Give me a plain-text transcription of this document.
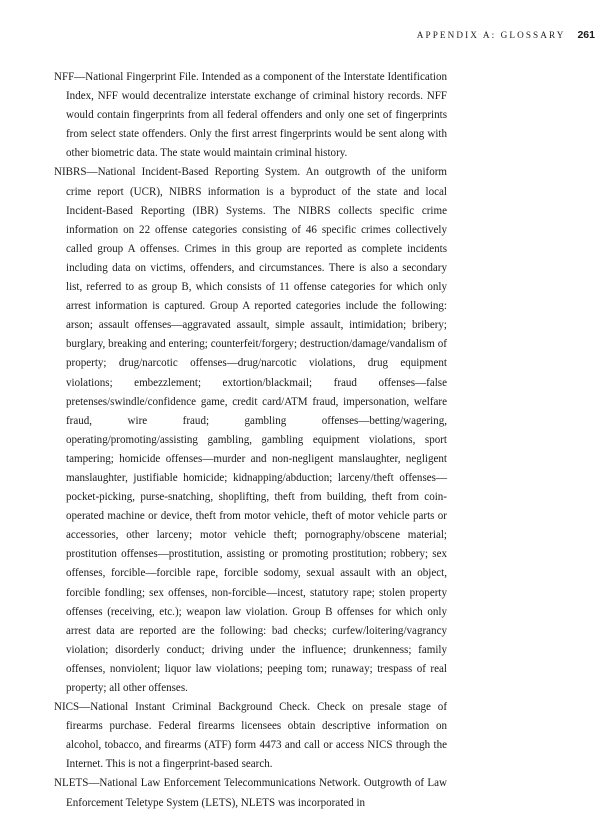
APPENDIX A: GLOSSARY 261

NFF—National Fingerprint File. Intended as a component of the Interstate Identification Index, NFF would decentralize interstate exchange of criminal history records. NFF would contain fingerprints from all federal offenders and only one set of fingerprints from select state offenders. Only the first arrest fingerprints would be sent along with other biometric data. The state would maintain criminal history.

NIBRS—National Incident-Based Reporting System. An outgrowth of the uniform crime report (UCR), NIBRS information is a byproduct of the state and local Incident-Based Reporting (IBR) Systems. The NIBRS collects specific crime information on 22 offense categories consisting of 46 specific crimes collectively called group A offenses. Crimes in this group are reported as complete incidents including data on victims, offenders, and circumstances. There is also a secondary list, referred to as group B, which consists of 11 offense categories for which only arrest information is captured. Group A reported categories include the following: arson; assault offenses—aggravated assault, simple assault, intimidation; bribery; burglary, breaking and entering; counterfeit/forgery; destruction/damage/vandalism of property; drug/narcotic offenses—drug/narcotic violations, drug equipment violations; embezzlement; extortion/blackmail; fraud offenses—false pretenses/swindle/confidence game, credit card/ATM fraud, impersonation, welfare fraud, wire fraud; gambling offenses—betting/wagering, operating/promoting/assisting gambling, gambling equipment violations, sport tampering; homicide offenses—murder and non-negligent manslaughter, negligent manslaughter, justifiable homicide; kidnapping/abduction; larceny/theft offenses—pocket-picking, purse-snatching, shoplifting, theft from building, theft from coin-operated machine or device, theft from motor vehicle, theft of motor vehicle parts or accessories, other larceny; motor vehicle theft; pornography/obscene material; prostitution offenses—prostitution, assisting or promoting prostitution; robbery; sex offenses, forcible—forcible rape, forcible sodomy, sexual assault with an object, forcible fondling; sex offenses, non-forcible—incest, statutory rape; stolen property offenses (receiving, etc.); weapon law violation. Group B offenses for which only arrest data are reported are the following: bad checks; curfew/loitering/vagrancy violation; disorderly conduct; driving under the influence; drunkenness; family offenses, nonviolent; liquor law violations; peeping tom; runaway; trespass of real property; all other offenses.

NICS—National Instant Criminal Background Check. Check on presale stage of firearms purchase. Federal firearms licensees obtain descriptive information on alcohol, tobacco, and firearms (ATF) form 4473 and call or access NICS through the Internet. This is not a fingerprint-based search.

NLETS—National Law Enforcement Telecommunications Network. Outgrowth of Law Enforcement Teletype System (LETS), NLETS was incorporated in
